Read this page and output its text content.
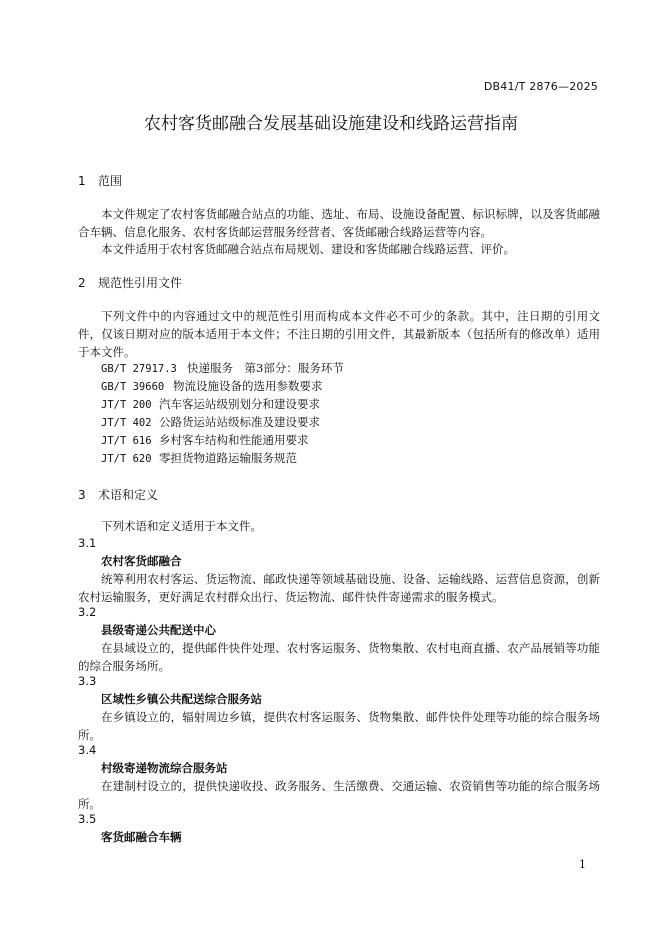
DB41/T 2876—2025
农村客货邮融合发展基础设施建设和线路运营指南
1 范围
本文件规定了农村客货邮融合站点的功能、选址、布局、设施设备配置、标识标牌，以及客货邮融合车辆、信息化服务、农村客货邮运营服务经营者、客货邮融合线路运营等内容。
本文件适用于农村客货邮融合站点布局规划、建设和客货邮融合线路运营、评价。
2 规范性引用文件
下列文件中的内容通过文中的规范性引用而构成本文件必不可少的条款。其中，注日期的引用文件，仅该日期对应的版本适用于本文件；不注日期的引用文件，其最新版本（包括所有的修改单）适用于本文件。
GB/T 27917.3 快递服务　第3部分：服务环节
GB/T 39660 物流设施设备的选用参数要求
JT/T 200 汽车客运站级别划分和建设要求
JT/T 402 公路货运站站级标准及建设要求
JT/T 616 乡村客车结构和性能通用要求
JT/T 620 零担货物道路运输服务规范
3 术语和定义
下列术语和定义适用于本文件。
3.1
农村客货邮融合
统筹利用农村客运、货运物流、邮政快递等领域基础设施、设备、运输线路、运营信息资源，创新农村运输服务，更好满足农村群众出行、货运物流、邮件快件寄递需求的服务模式。
3.2
县级寄递公共配送中心
在县域设立的，提供邮件快件处理、农村客运服务、货物集散、农村电商直播、农产品展销等功能的综合服务场所。
3.3
区域性乡镇公共配送综合服务站
在乡镇设立的，辐射周边乡镇，提供农村客运服务、货物集散、邮件快件处理等功能的综合服务场所。
3.4
村级寄递物流综合服务站
在建制村设立的，提供快递收投、政务服务、生活缴费、交通运输、农资销售等功能的综合服务场所。
3.5
客货邮融合车辆
1
